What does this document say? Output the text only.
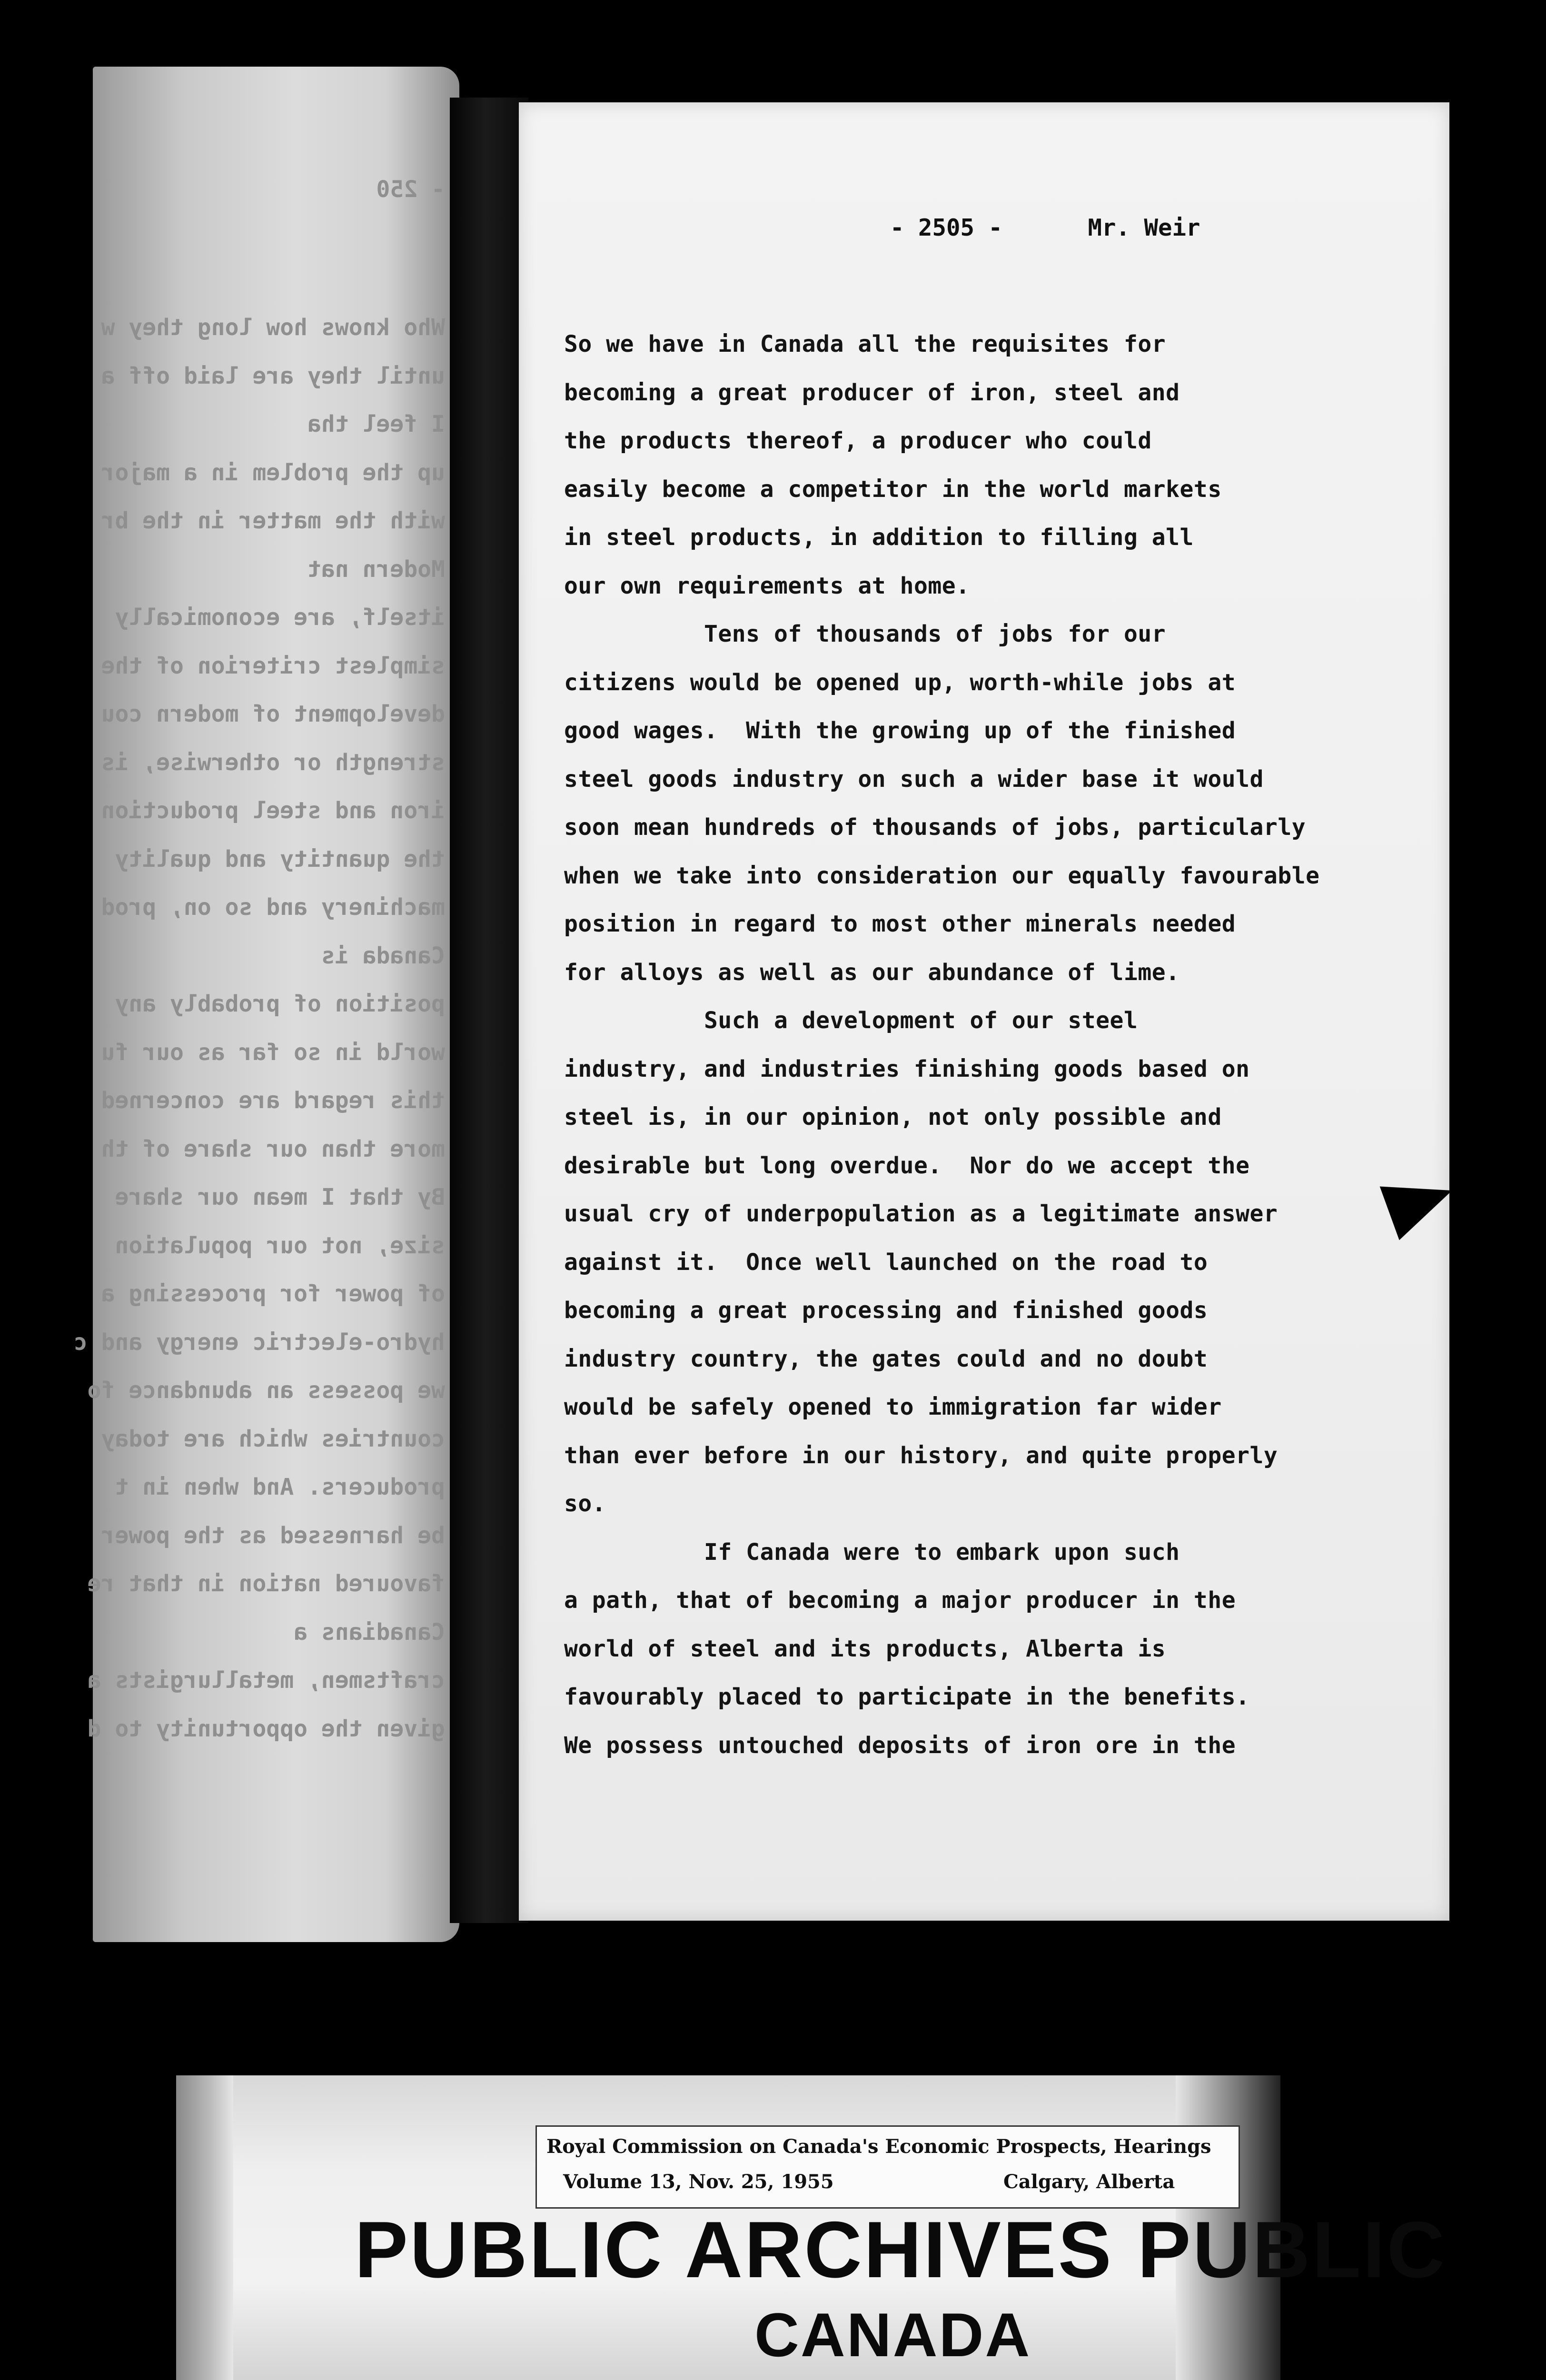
- 250
Who knows how long they w
until they are laid off a
I feel tha
up the problem in a major
with the matter in the br
Modern nat
itself, are economically
simplest criterion of the
development of modern cou
strength or otherwise, is
iron and steel production
the quantity and quality
machinery and so on, prod
Canada is
position of probably any
world in so far as our fu
this regard are concerned
more than our share of th
By that I mean our share
size, not our population
of power for processing a
hydro-electric energy and c
we possess an abundance fo
countries which are today
producers. And when in t
be harnessed as the power
favoured nation in that re
Canadians a
craftsmen, metallurgists a
given the opportunity to d
- 2505 -	Mr. Weir
So we have in Canada all the requisites for
becoming a great producer of iron, steel and
the products thereof, a producer who could
easily become a competitor in the world markets
in steel products, in addition to filling all
our own requirements at home.
Tens of thousands of jobs for our
citizens would be opened up, worth-while jobs at
good wages.  With the growing up of the finished
steel goods industry on such a wider base it would
soon mean hundreds of thousands of jobs, particularly
when we take into consideration our equally favourable
position in regard to most other minerals needed
for alloys as well as our abundance of lime.
Such a development of our steel
industry, and industries finishing goods based on
steel is, in our opinion, not only possible and
desirable but long overdue.  Nor do we accept the
usual cry of underpopulation as a legitimate answer
against it.  Once well launched on the road to
becoming a great processing and finished goods
industry country, the gates could and no doubt
would be safely opened to immigration far wider
than ever before in our history, and quite properly
so.
If Canada were to embark upon such
a path, that of becoming a major producer in the
world of steel and its products, Alberta is
favourably placed to participate in the benefits.
We possess untouched deposits of iron ore in the
Royal Commission on Canada's Economic Prospects, Hearings
Volume 13, Nov. 25, 1955	Calgary, Alberta
PUBLIC ARCHIVES PUBLIC
CANADA
